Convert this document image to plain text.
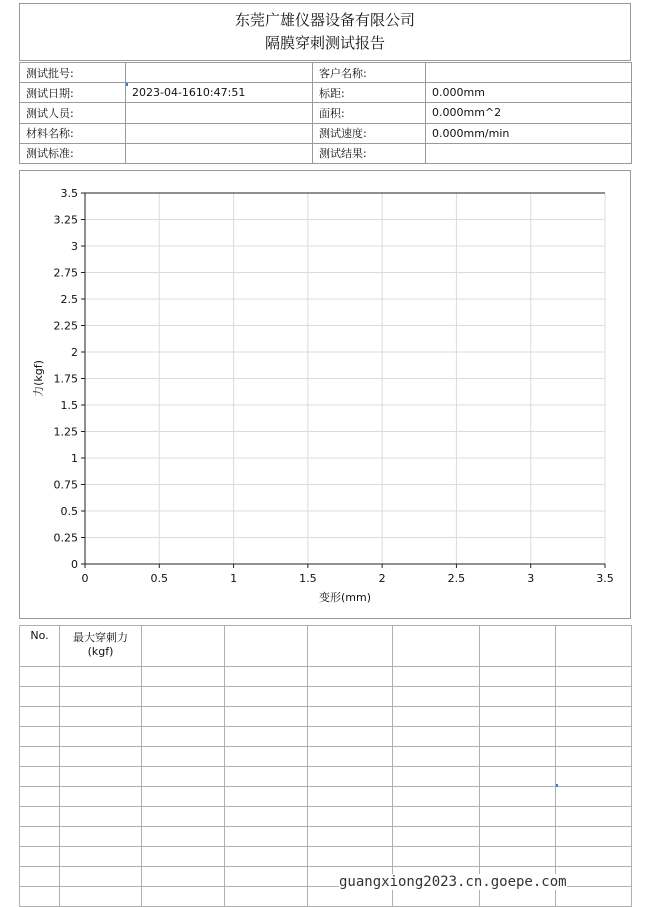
东莞广雄仪器设备有限公司
隔膜穿刺测试报告
测试批号:		客户名称:	
测试日期:	2023-04-1610:47:51	标距:	0.000mm
测试人员:		面积:	0.000mm^2
材料名称:		测试速度:	0.000mm/min
测试标准:		测试结果:	
0
0.25
0.5
0.75
1
1.25
1.5
1.75
2
2.25
2.5
2.75
3
3.25
3.5
0	0.5	1	1.5	2	2.5	3	3.5
变形(mm)
力(kgf)
No.	最大穿刺力
(kgf)						

guangxiong2023.cn.goepe.com
